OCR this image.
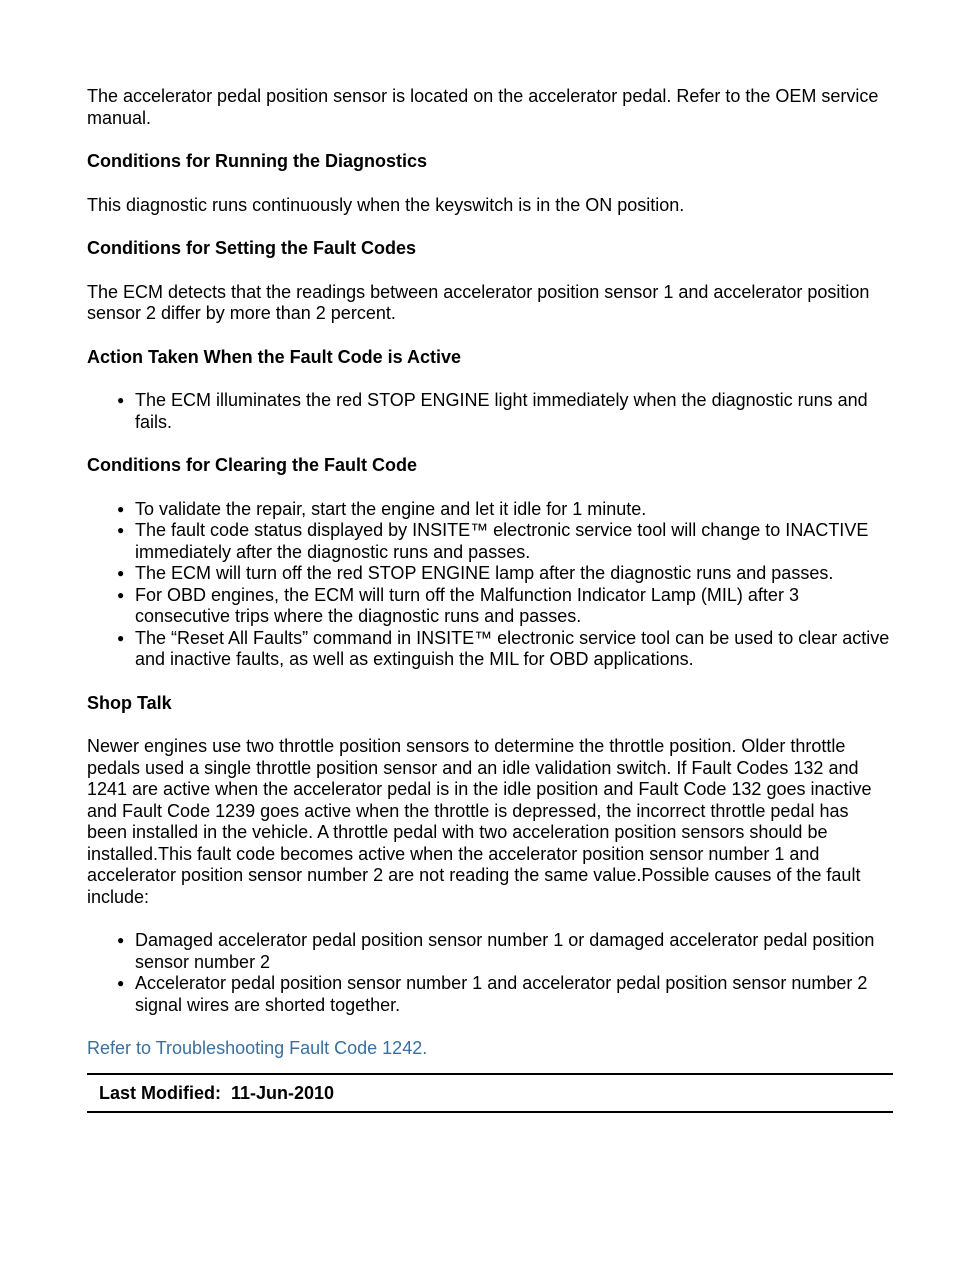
The accelerator pedal position sensor is located on the accelerator pedal. Refer to the OEM service manual.

Conditions for Running the Diagnostics

This diagnostic runs continuously when the keyswitch is in the ON position.

Conditions for Setting the Fault Codes

The ECM detects that the readings between accelerator position sensor 1 and accelerator position sensor 2 differ by more than 2 percent.

Action Taken When the Fault Code is Active

● The ECM illuminates the red STOP ENGINE light immediately when the diagnostic runs and fails.

Conditions for Clearing the Fault Code

● To validate the repair, start the engine and let it idle for 1 minute.
● The fault code status displayed by INSITE™ electronic service tool will change to INACTIVE immediately after the diagnostic runs and passes.
● The ECM will turn off the red STOP ENGINE lamp after the diagnostic runs and passes.
● For OBD engines, the ECM will turn off the Malfunction Indicator Lamp (MIL) after 3 consecutive trips where the diagnostic runs and passes.
● The “Reset All Faults” command in INSITE™ electronic service tool can be used to clear active and inactive faults, as well as extinguish the MIL for OBD applications.

Shop Talk

Newer engines use two throttle position sensors to determine the throttle position. Older throttle pedals used a single throttle position sensor and an idle validation switch. If Fault Codes 132 and 1241 are active when the accelerator pedal is in the idle position and Fault Code 132 goes inactive and Fault Code 1239 goes active when the throttle is depressed, the incorrect throttle pedal has been installed in the vehicle. A throttle pedal with two acceleration position sensors should be installed.This fault code becomes active when the accelerator position sensor number 1 and accelerator position sensor number 2 are not reading the same value.Possible causes of the fault include:

● Damaged accelerator pedal position sensor number 1 or damaged accelerator pedal position sensor number 2
● Accelerator pedal position sensor number 1 and accelerator pedal position sensor number 2 signal wires are shorted together.

Refer to Troubleshooting Fault Code 1242.

Last Modified: 11-Jun-2010
